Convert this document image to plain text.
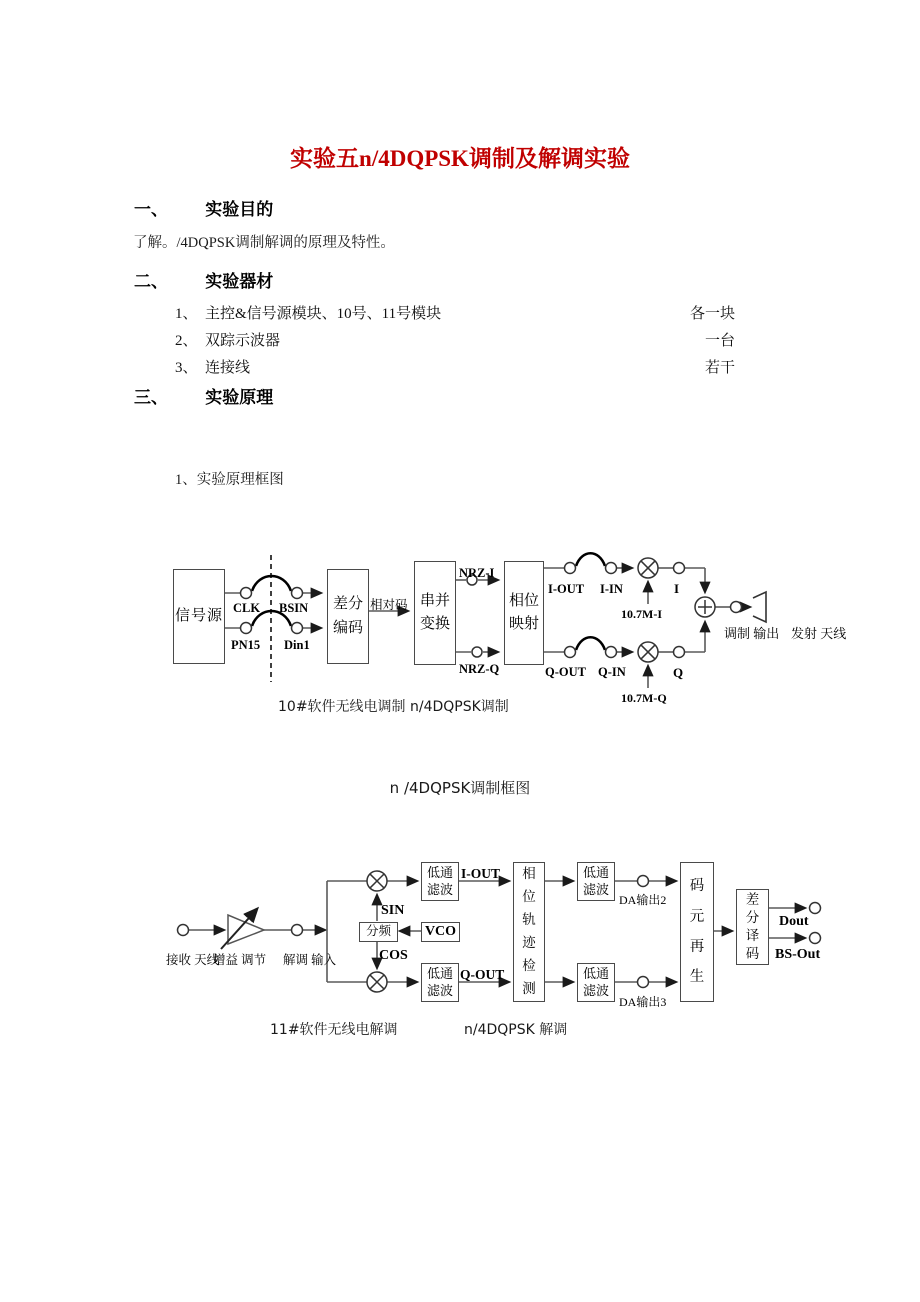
实验五n/4DQPSK调制及解调实验
一、 实验目的
了解。/4DQPSK调制解调的原理及特性。
二、 实验器材
1、 主控&信号源模块、10号、11号模块	各一块
2、 双踪示波器	一台
3、 连接线	若干
三、 实验原理
1、实验原理框图
信号源
差分
编码
串并
变换
相位
映射
CLK BSIN
PN15 Din1
相对码
NRZ-I
NRZ-Q
I-OUT I-IN
Q-OUT Q-IN
10.7M-I
10.7M-Q
I
Q
调制 输出 发射 天线
10#软件无线电调制 n/4DQPSK调制
n /4DQPSK调制框图
接收 天线
增益 调节 解调 输入
SIN
COS
分频 VCO
低通
滤波
低通
滤波
低通
滤波
低通
滤波
I-OUT
Q-OUT
相位轨迹检测
DA输出2
DA输出3
码元再生
差分译码
Dout
BS-Out
11#软件无线电解调	n/4DQPSK 解调
